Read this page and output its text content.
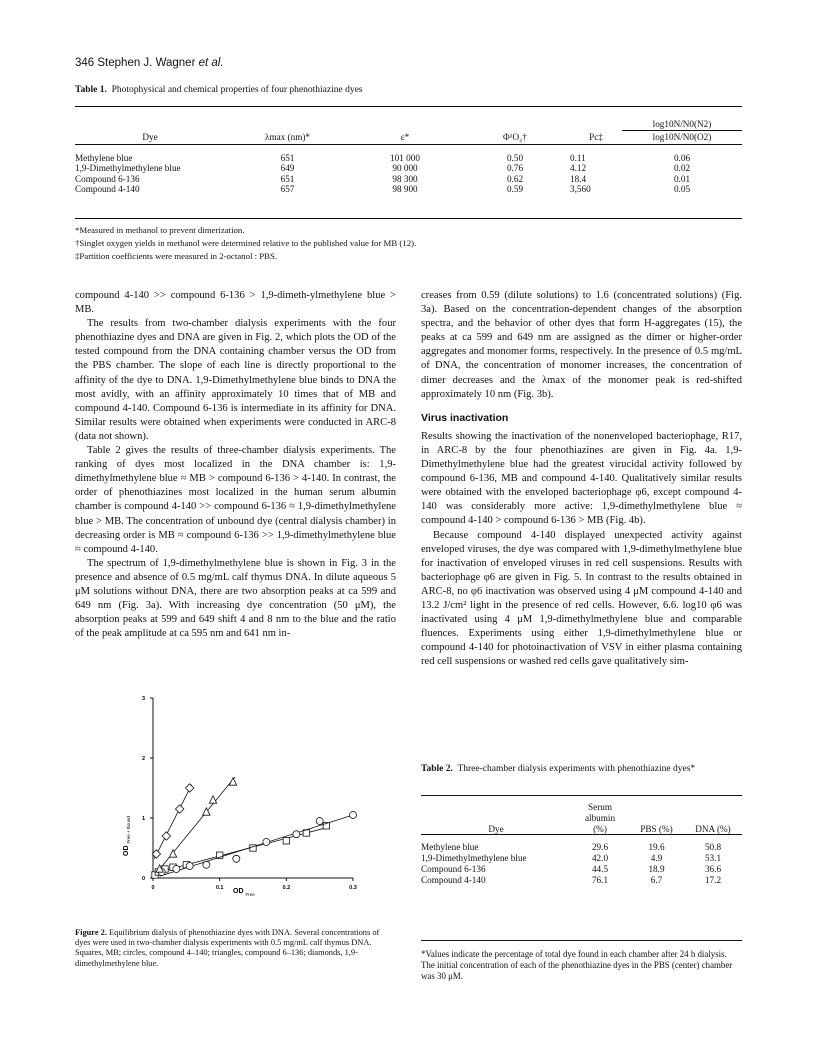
346 Stephen J. Wagner et al.
Table 1. Photophysical and chemical properties of four phenothiazine dyes
					log10N/N0(N2)
Dye	λmax (nm)*	ε*	Φ¹O₂†	Pc‡	log10N/N0(O2)

Methylene blue	651	101 000	0.50	0.11	0.06
1,9-Dimethylmethylene blue	649	90 000	0.76	4.12	0.02
Compound 6-136	651	98 300	0.62	18.4	0.01
Compound 4-140	657	98 900	0.59	3,560	0.05
*Measured in methanol to prevent dimerization.
†Singlet oxygen yields in methanol were determined relative to the published value for MB (12).
‡Partition coefficients were measured in 2-octanol : PBS.

compound 4-140 >> compound 6-136 > 1,9-dimeth-ylmethylene blue > MB.

The results from two-chamber dialysis experiments with the four phenothiazine dyes and DNA are given in Fig. 2, which plots the OD of the tested compound from the DNA containing chamber versus the OD from the PBS chamber. The slope of each line is directly proportional to the affinity of the dye to DNA. 1,9-Dimethylmethylene blue binds to DNA the most avidly, with an affinity approximately 10 times that of MB and compound 4-140. Compound 6-136 is intermediate in its affinity for DNA. Similar results were obtained when experiments were conducted in ARC-8 (data not shown).

Table 2 gives the results of three-chamber dialysis experiments. The ranking of dyes most localized in the DNA chamber is: 1,9-dimethylmethylene blue ≈ MB > compound 6-136 > 4-140. In contrast, the order of phenothiazines most localized in the human serum albumin chamber is compound 4-140 >> compound 6-136 ≈ 1,9-dimethylmethylene blue > MB. The concentration of unbound dye (central dialysis chamber) in decreasing order is MB ≈ compound 6-136 >> 1,9-dimethylmethylene blue ≈ compound 4-140.

The spectrum of 1,9-dimethylmethylene blue is shown in Fig. 3 in the presence and absence of 0.5 mg/mL calf thymus DNA. In dilute aqueous 5 μM solutions without DNA, there are two absorption peaks at ca 599 and 649 nm (Fig. 3a). With increasing dye concentration (50 μM), the absorption peaks at 599 and 649 shift 4 and 8 nm to the blue and the ratio of the peak amplitude at ca 595 nm and 641 nm in-

0
1
2
3
0	0.1	0.2	0.3
OD $_{Free + Bound}$
OD $_{Free}$
Figure 2. Equilibrium dialysis of phenothiazine dyes with DNA. Several concentrations of dyes were used in two-chamber dialysis experiments with 0.5 mg/mL calf thymus DNA. Squares, MB; circles, compound 4–140; triangles, compound 6–136; diamonds, 1,9-dimethylmethylene blue.

creases from 0.59 (dilute solutions) to 1.6 (concentrated solutions) (Fig. 3a). Based on the concentration-dependent changes of the absorption spectra, and the behavior of other dyes that form H-aggregates (15), the peaks at ca 599 and 649 nm are assigned as the dimer or higher-order aggregates and monomer forms, respectively. In the presence of 0.5 mg/mL of DNA, the concentration of monomer increases, the concentration of dimer decreases and the λmax of the monomer peak is red-shifted approximately 10 nm (Fig. 3b).

Virus inactivation

Results showing the inactivation of the nonenveloped bacteriophage, R17, in ARC-8 by the four phenothiazines are given in Fig. 4a. 1,9-Dimethylmethylene blue had the greatest virucidal activity followed by compound 6-136, MB and compound 4-140. Qualitatively similar results were obtained with the enveloped bacteriophage φ6, except compound 4-140 was considerably more active: 1,9-dimethylmethylene blue ≈ compound 4-140 > compound 6-136 > MB (Fig. 4b).

Because compound 4-140 displayed unexpected activity against enveloped viruses, the dye was compared with 1,9-dimethylmethylene blue for inactivation of enveloped viruses in red cell suspensions. Results with bacteriophage φ6 are given in Fig. 5. In contrast to the results obtained in ARC-8, no φ6 inactivation was observed using 4 μM compound 4-140 and 13.2 J/cm² light in the presence of red cells. However, 6.6. log10 φ6 was inactivated using 4 μM 1,9-dimethylmethylene blue and comparable fluences. Experiments using either 1,9-dimethylmethylene blue or compound 4-140 for photoinactivation of VSV in either plasma containing red cell suspensions or washed red cells gave qualitatively sim-

Table 2. Three-chamber dialysis experiments with phenothiazine dyes*
	Serum		
	albumin		
Dye	(%)	PBS (%)	DNA (%)

Methylene blue	29.6	19.6	50.8
1,9-Dimethylmethylene blue	42.0	4.9	53.1
Compound 6-136	44.5	18.9	36.6
Compound 4-140	76.1	6.7	17.2
*Values indicate the percentage of total dye found in each chamber after 24 h dialysis. The initial concentration of each of the phenothiazine dyes in the PBS (center) chamber was 30 μM.
